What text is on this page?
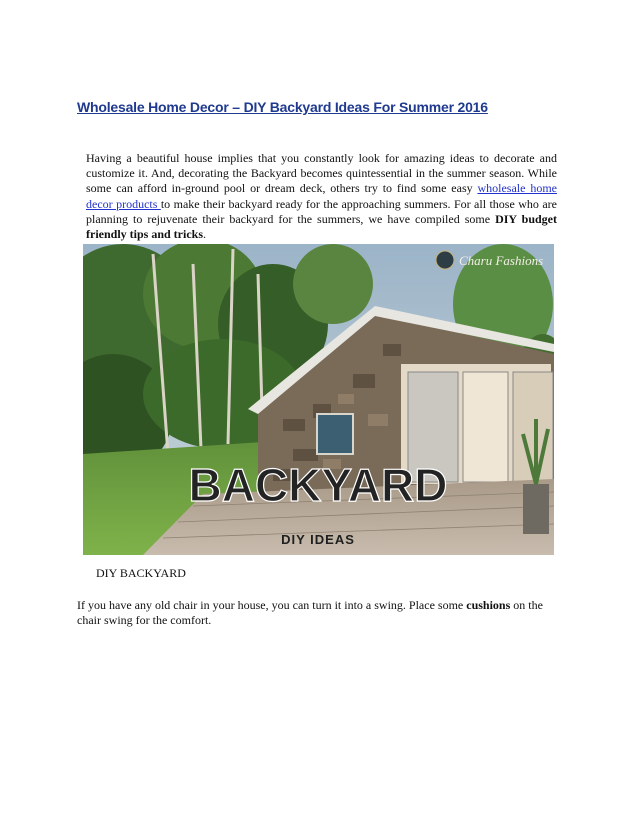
Wholesale Home Decor – DIY Backyard Ideas For Summer 2016

Having a beautiful house implies that you constantly look for amazing ideas to decorate and customize it. And, decorating the Backyard becomes quintessential in the summer season. While some can afford in-ground pool or dream deck, others try to find some easy wholesale home decor products to make their backyard ready for the approaching summers. For all those who are planning to rejuvenate their backyard for the summers, we have compiled some DIY budget friendly tips and tricks.

Charu Fashions
BACKYARD
DIY IDEAS
DIY BACKYARD

If you have any old chair in your house, you can turn it into a swing. Place some cushions on the chair swing for the comfort.
